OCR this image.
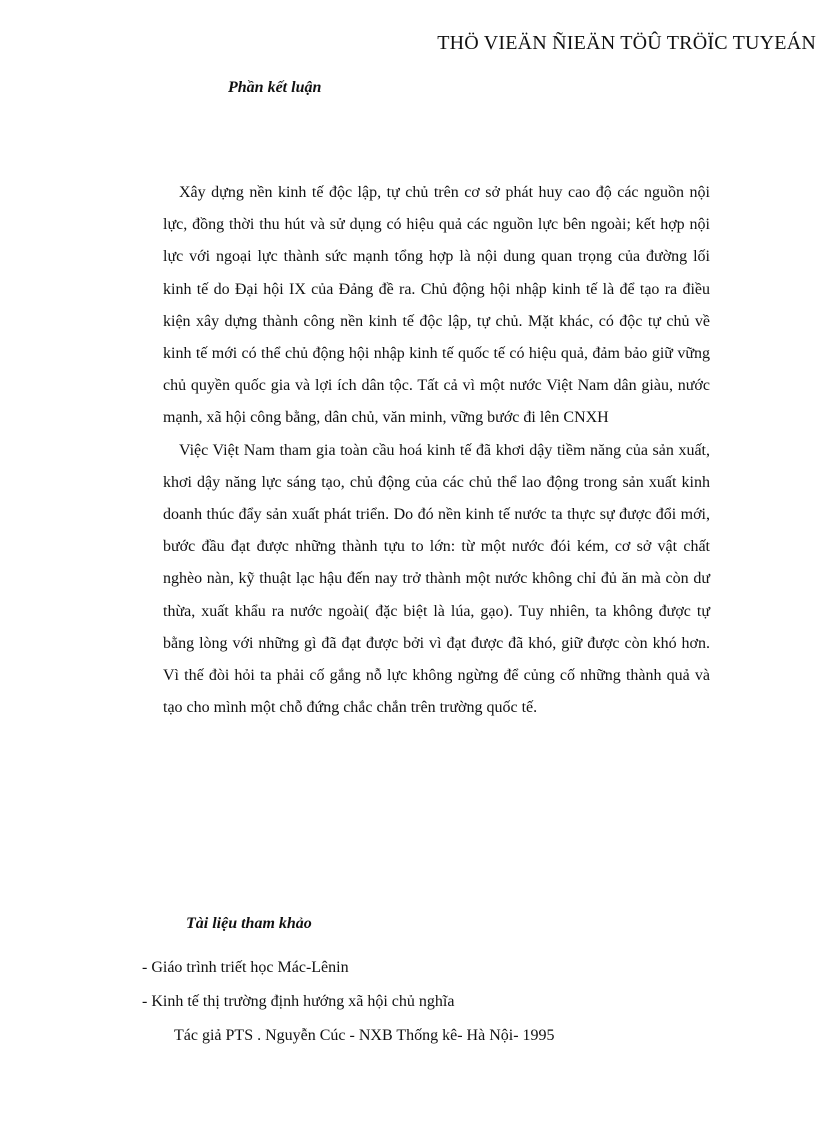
THÖ VIEÄN ÑIEÄN TÖÛ TRÖÏC TUYEÁN
Phần kết luận

Xây dựng nền kinh tế độc lập, tự chủ trên cơ sở phát huy cao độ các nguồn nội lực, đồng thời thu hút và sử dụng có hiệu quả các nguồn lực bên ngoài; kết hợp nội lực với ngoại lực thành sức mạnh tổng hợp là nội dung quan trọng của đường lối kinh tế do Đại hội IX của Đảng đề ra. Chủ động hội nhập kinh tế là để tạo ra điều kiện xây dựng thành công nền kinh tế độc lập, tự chủ. Mặt khác, có độc tự chủ về kinh tế mới có thể chủ động hội nhập kinh tế quốc tế có hiệu quả, đảm bảo giữ vững chủ quyền quốc gia và lợi ích dân tộc. Tất cả vì một nước Việt Nam dân giàu, nước mạnh, xã hội công bằng, dân chủ, văn minh, vững bước đi lên CNXH

Việc Việt Nam tham gia toàn cầu hoá kinh tế đã khơi dậy tiềm năng của sản xuất, khơi dậy năng lực sáng tạo, chủ động của các chủ thể lao động trong sản xuất kinh doanh thúc đẩy sản xuất phát triển. Do đó nền kinh tế nước ta thực sự được đổi mới, bước đầu đạt được những thành tựu to lớn: từ một nước đói kém, cơ sở vật chất nghèo nàn, kỹ thuật lạc hậu đến nay trở thành một nước không chỉ đủ ăn mà còn dư thừa, xuất khẩu ra nước ngoài( đặc biệt là lúa, gạo). Tuy nhiên, ta không được tự bằng lòng với những gì đã đạt được bởi vì đạt được đã khó, giữ được còn khó hơn. Vì thế đòi hỏi ta phải cố gắng nỗ lực không ngừng để củng cố những thành quả và tạo cho mình một chỗ đứng chắc chắn trên trường quốc tế.

Tài liệu tham khảo
- Giáo trình triết học Mác-Lênin
- Kinh tế thị trường định hướng xã hội chủ nghĩa
Tác giả PTS . Nguyễn Cúc - NXB Thống kê- Hà Nội- 1995
